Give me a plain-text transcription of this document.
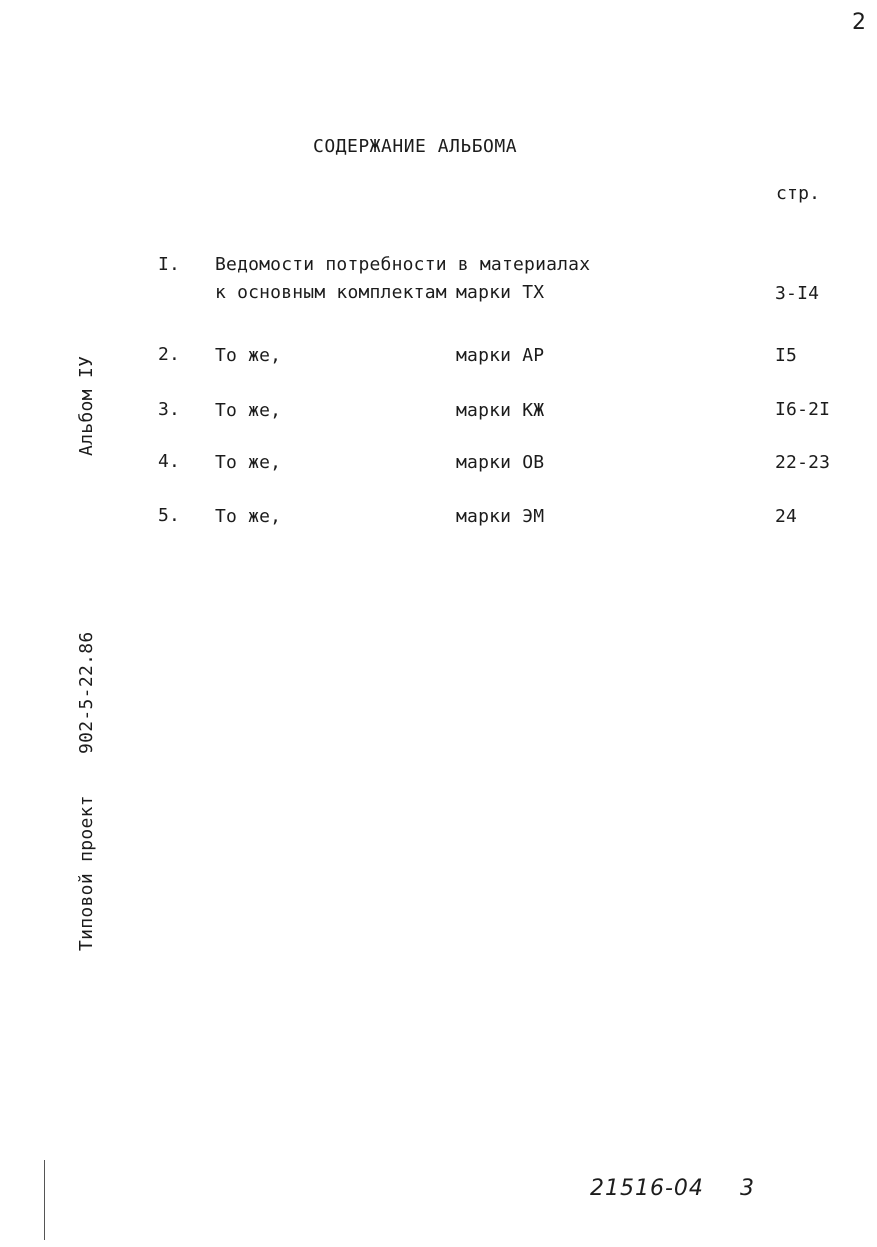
2
СОДЕРЖАНИЕ АЛЬБОМА
стр.
I. Ведомости потребности в материалах
к основным комплектам марки ТХ	3-I4
2. То же,	марки АР	I5
3. То же,	марки КЖ	I6-2I
4. То же,	марки ОВ	22-23
5. То же,	марки ЭМ	24
Альбом IУ
902-5-22.86
Типовой проект
21516-04 3
